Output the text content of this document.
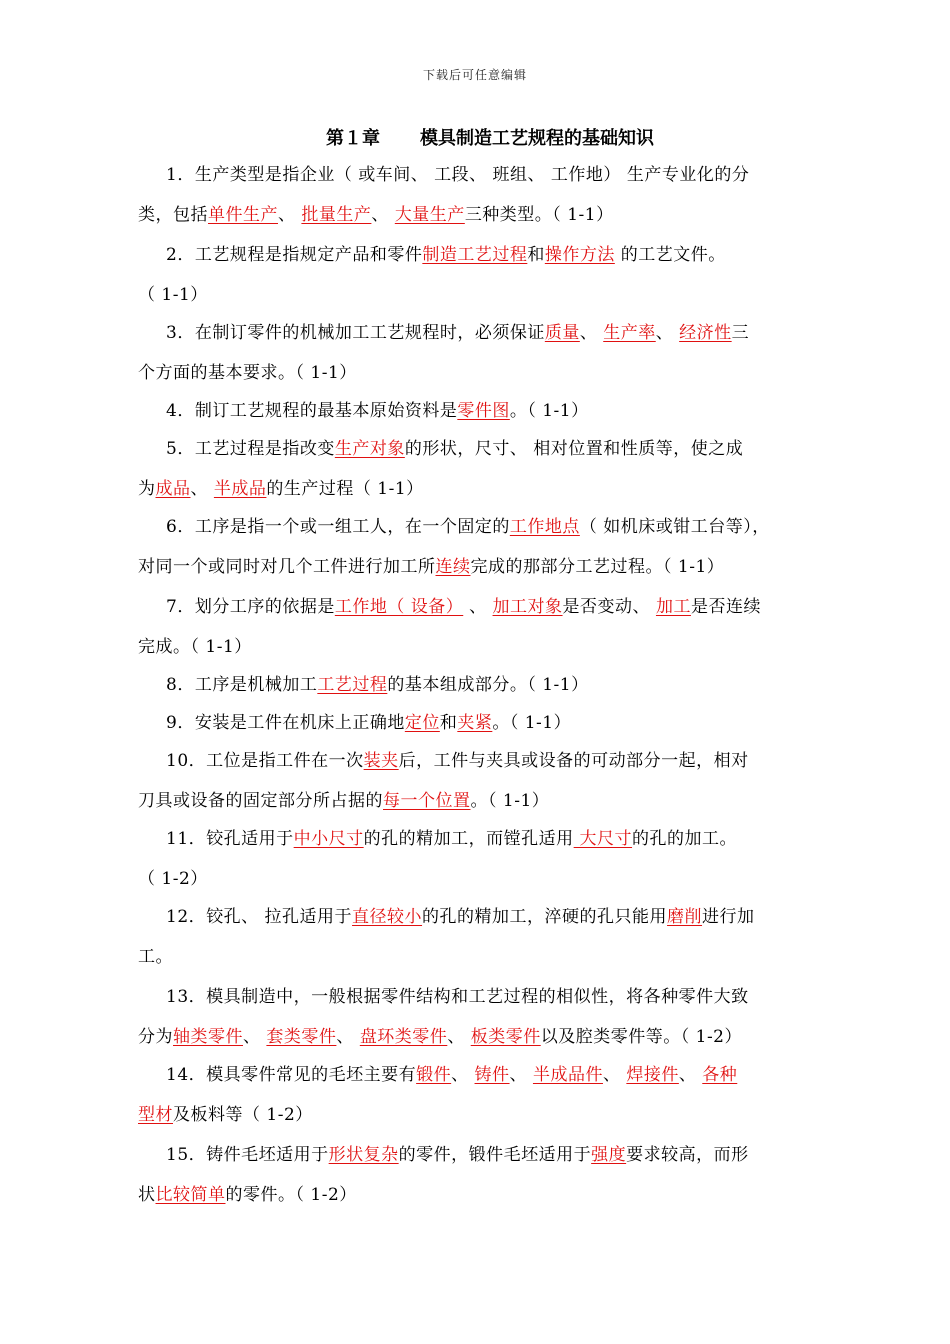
下载后可任意编辑
第１章 模具制造工艺规程的基础知识
1．生产类型是指企业（ 或车间、 工段、 班组、 工作地） 生产专业化的分
类，包括单件生产、 批量生产、 大量生产三种类型。（ 1-1）
2．工艺规程是指规定产品和零件制造工艺过程和操作方法 的工艺文件。
（ 1-1）
3．在制订零件的机械加工工艺规程时，必须保证质量、 生产率、 经济性三
个方面的基本要求。（ 1-1）
4．制订工艺规程的最基本原始资料是零件图。（ 1-1）
5．工艺过程是指改变生产对象的形状，尺寸、 相对位置和性质等，使之成
为成品、 半成品的生产过程（ 1-1）
6．工序是指一个或一组工人，在一个固定的工作地点（ 如机床或钳工台等），
对同一个或同时对几个工件进行加工所连续完成的那部分工艺过程。（ 1-1）
7．划分工序的依据是工作地（ 设备） 、 加工对象是否变动、 加工是否连续
完成。（ 1-1）
8．工序是机械加工工艺过程的基本组成部分。（ 1-1）
9．安装是工件在机床上正确地定位和夹紧。（ 1-1）
10．工位是指工件在一次装夹后，工件与夹具或设备的可动部分一起，相对
刀具或设备的固定部分所占据的每一个位置。（ 1-1）
11．铰孔适用于中小尺寸的孔的精加工，而镗孔适用 大尺寸的孔的加工。
（ 1-2）
12．铰孔、 拉孔适用于直径较小的孔的精加工，淬硬的孔只能用磨削进行加
工。
13．模具制造中，一般根据零件结构和工艺过程的相似性，将各种零件大致
分为轴类零件、 套类零件、 盘环类零件、 板类零件以及腔类零件等。（ 1-2）
14．模具零件常见的毛坯主要有锻件、 铸件、 半成品件、 焊接件、 各种
型材及板料等（ 1-2）
15．铸件毛坯适用于形状复杂的零件，锻件毛坯适用于强度要求较高，而形
状比较简单的零件。（ 1-2）
